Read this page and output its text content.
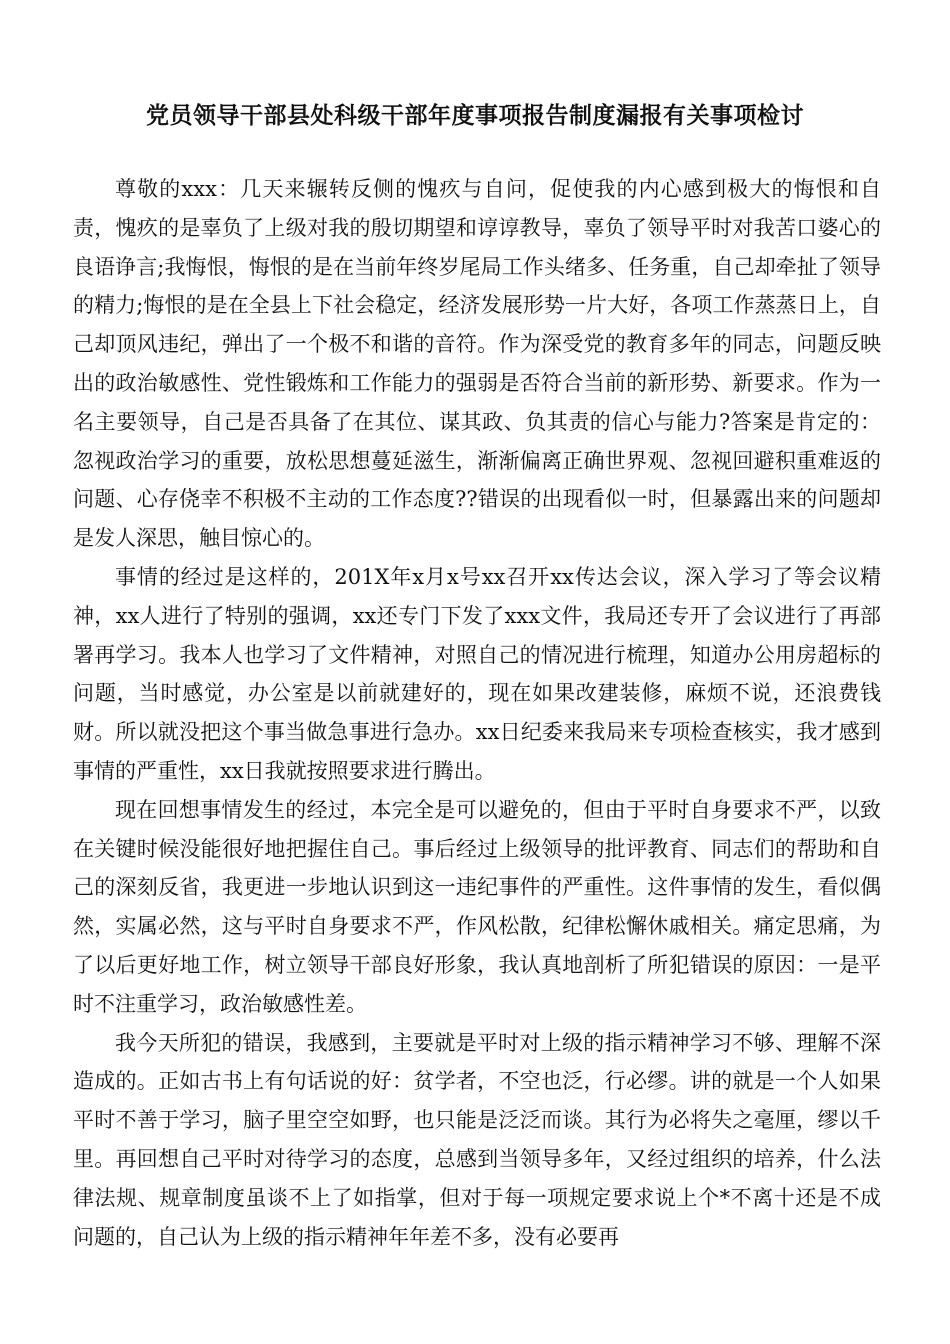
党员领导干部县处科级干部年度事项报告制度漏报有关事项检讨

尊敬的xxx：几天来辗转反侧的愧疚与自问，促使我的内心感到极大的悔恨和自责，愧疚的是辜负了上级对我的殷切期望和谆谆教导，辜负了领导平时对我苦口婆心的良语诤言;我悔恨，悔恨的是在当前年终岁尾局工作头绪多、任务重，自己却牵扯了领导的精力;悔恨的是在全县上下社会稳定，经济发展形势一片大好，各项工作蒸蒸日上，自己却顶风违纪，弹出了一个极不和谐的音符。作为深受党的教育多年的同志，问题反映出的政治敏感性、党性锻炼和工作能力的强弱是否符合当前的新形势、新要求。作为一名主要领导，自己是否具备了在其位、谋其政、负其责的信心与能力?答案是肯定的：忽视政治学习的重要，放松思想蔓延滋生，渐渐偏离正确世界观、忽视回避积重难返的问题、心存侥幸不积极不主动的工作态度??错误的出现看似一时，但暴露出来的问题却是发人深思，触目惊心的。

事情的经过是这样的，201X年x月x号xx召开xx传达会议，深入学习了等会议精神，xx人进行了特别的强调，xx还专门下发了xxx文件，我局还专开了会议进行了再部署再学习。我本人也学习了文件精神，对照自己的情况进行梳理，知道办公用房超标的问题，当时感觉，办公室是以前就建好的，现在如果改建装修，麻烦不说，还浪费钱财。所以就没把这个事当做急事进行急办。xx日纪委来我局来专项检查核实，我才感到事情的严重性，xx日我就按照要求进行腾出。

现在回想事情发生的经过，本完全是可以避免的，但由于平时自身要求不严，以致在关键时候没能很好地把握住自己。事后经过上级领导的批评教育、同志们的帮助和自己的深刻反省，我更进一步地认识到这一违纪事件的严重性。这件事情的发生，看似偶然，实属必然，这与平时自身要求不严，作风松散，纪律松懈休戚相关。痛定思痛，为了以后更好地工作，树立领导干部良好形象，我认真地剖析了所犯错误的原因：一是平时不注重学习，政治敏感性差。

我今天所犯的错误，我感到，主要就是平时对上级的指示精神学习不够、理解不深造成的。正如古书上有句话说的好：贫学者，不空也泛，行必缪。讲的就是一个人如果平时不善于学习，脑子里空空如野，也只能是泛泛而谈。其行为必将失之毫厘，缪以千里。再回想自己平时对待学习的态度，总感到当领导多年，又经过组织的培养，什么法律法规、规章制度虽谈不上了如指掌，但对于每一项规定要求说上个*不离十还是不成问题的，自己认为上级的指示精神年年差不多，没有必要再
